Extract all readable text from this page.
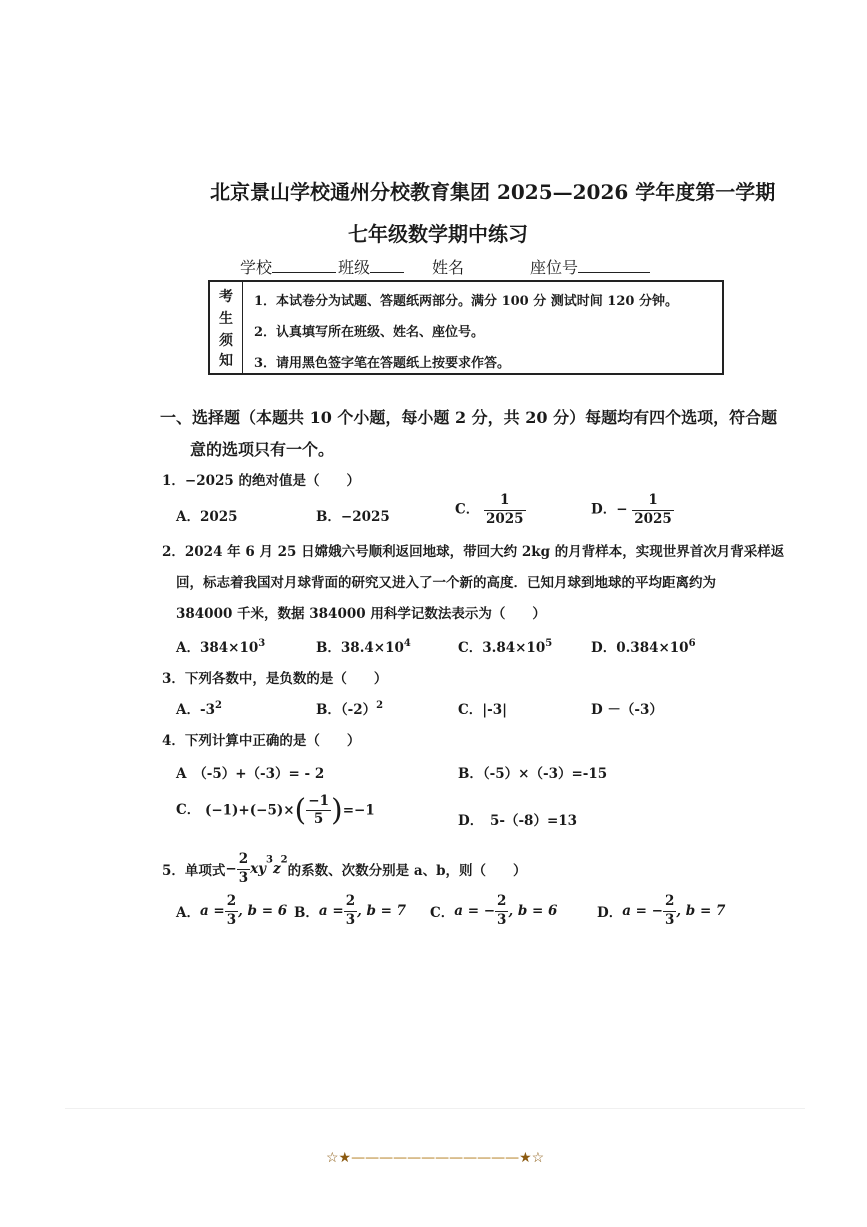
北京景山学校通州分校教育集团 2025—2026 学年度第一学期
七年级数学期中练习
学校	班级	姓名	座位号
考
生
须
知
1．本试卷分为试题、答题纸两部分。满分 100 分 测试时间 120 分钟。
2．认真填写所在班级、姓名、座位号。
3．请用黑色签字笔在答题纸上按要求作答。
一、选择题（本题共 10 个小题，每小题 2 分，共 20 分）每题均有四个选项，符合题
意的选项只有一个。
1．−2025 的绝对值是（　　）
A．2025	B．−2025	C． $\frac{1}{2025}$	D．− $\frac{1}{2025}$
2．2024 年 6 月 25 日嫦娥六号顺利返回地球，带回大约 2kg 的月背样本，实现世界首次月背采样返
回，标志着我国对月球背面的研究又进入了一个新的高度．已知月球到地球的平均距离约为
384000 千米，数据 384000 用科学记数法表示为（　　）
A．$384\times 10^3$	B．$38.4\times 10^4$	C．$3.84\times 10^5$	D．$0.384\times 10^6$
3．下列各数中，是负数的是（　　）
A．$-3^2$	B．$(-2)^2$	C．|-3|	D －（-3）
4．下列计算中正确的是（　　）
A　（-5）+（-3）= - 2	B．（-5）×（-3）=-15
C． $(-1)+(-5)\times( \frac{-1}{5} )=-1$
D．　5-（-8）=13
5．单项式− $\frac{2}{3} xy^3z^2$的系数、次数分别是 a、b，则（　　）
A．$a = \frac{2}{3}$ , b = 6 B．$a = \frac{2}{3}$ , b = 7 C．a = − $\frac{2}{3}$ , b = 6	D．a = − $\frac{2}{3}$ , b = 7
☆★————————————★☆
